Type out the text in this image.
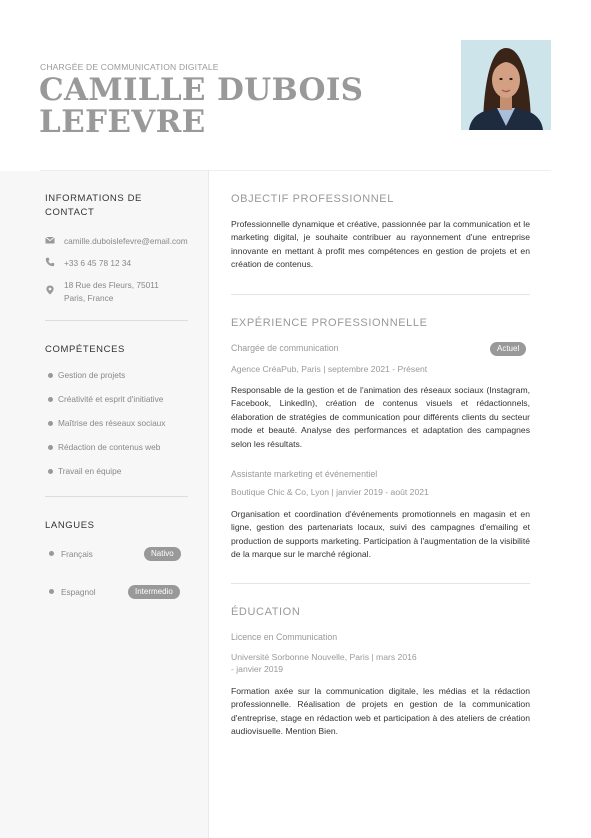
CHARGÉE DE COMMUNICATION DIGITALE
CAMILLE DUBOIS
LEFEVRE
INFORMATIONS DE
CONTACT
camille.duboislefevre@email.com
+33 6 45 78 12 34
18 Rue des Fleurs, 75011
Paris, France
COMPÉTENCES
Gestion de projets
Créativité et esprit d'initiative
Maîtrise des réseaux sociaux
Rédaction de contenus web
Travail en équipe
LANGUES
Français	Nativo
Espagnol	Intermedio
OBJECTIF PROFESSIONNEL
Professionnelle dynamique et créative, passionnée par la communication et le marketing digital, je souhaite contribuer au rayonnement d'une entreprise innovante en mettant à profit mes compétences en gestion de projets et en création de contenus.
EXPÉRIENCE PROFESSIONNELLE
Chargée de communication	Actuel
Agence CréaPub, Paris | septembre 2021 - Présent
Responsable de la gestion et de l'animation des réseaux sociaux (Instagram, Facebook, LinkedIn), création de contenus visuels et rédactionnels, élaboration de stratégies de communication pour différents clients du secteur mode et beauté. Analyse des performances et adaptation des campagnes selon les résultats.
Assistante marketing et événementiel
Boutique Chic & Co, Lyon | janvier 2019 - août 2021
Organisation et coordination d'événements promotionnels en magasin et en ligne, gestion des partenariats locaux, suivi des campagnes d'emailing et production de supports marketing. Participation à l'augmentation de la visibilité de la marque sur le marché régional.
ÉDUCATION
Licence en Communication
Université Sorbonne Nouvelle, Paris | mars 2016
- janvier 2019
Formation axée sur la communication digitale, les médias et la rédaction professionnelle. Réalisation de projets en gestion de la communication d'entreprise, stage en rédaction web et participation à des ateliers de création audiovisuelle. Mention Bien.
